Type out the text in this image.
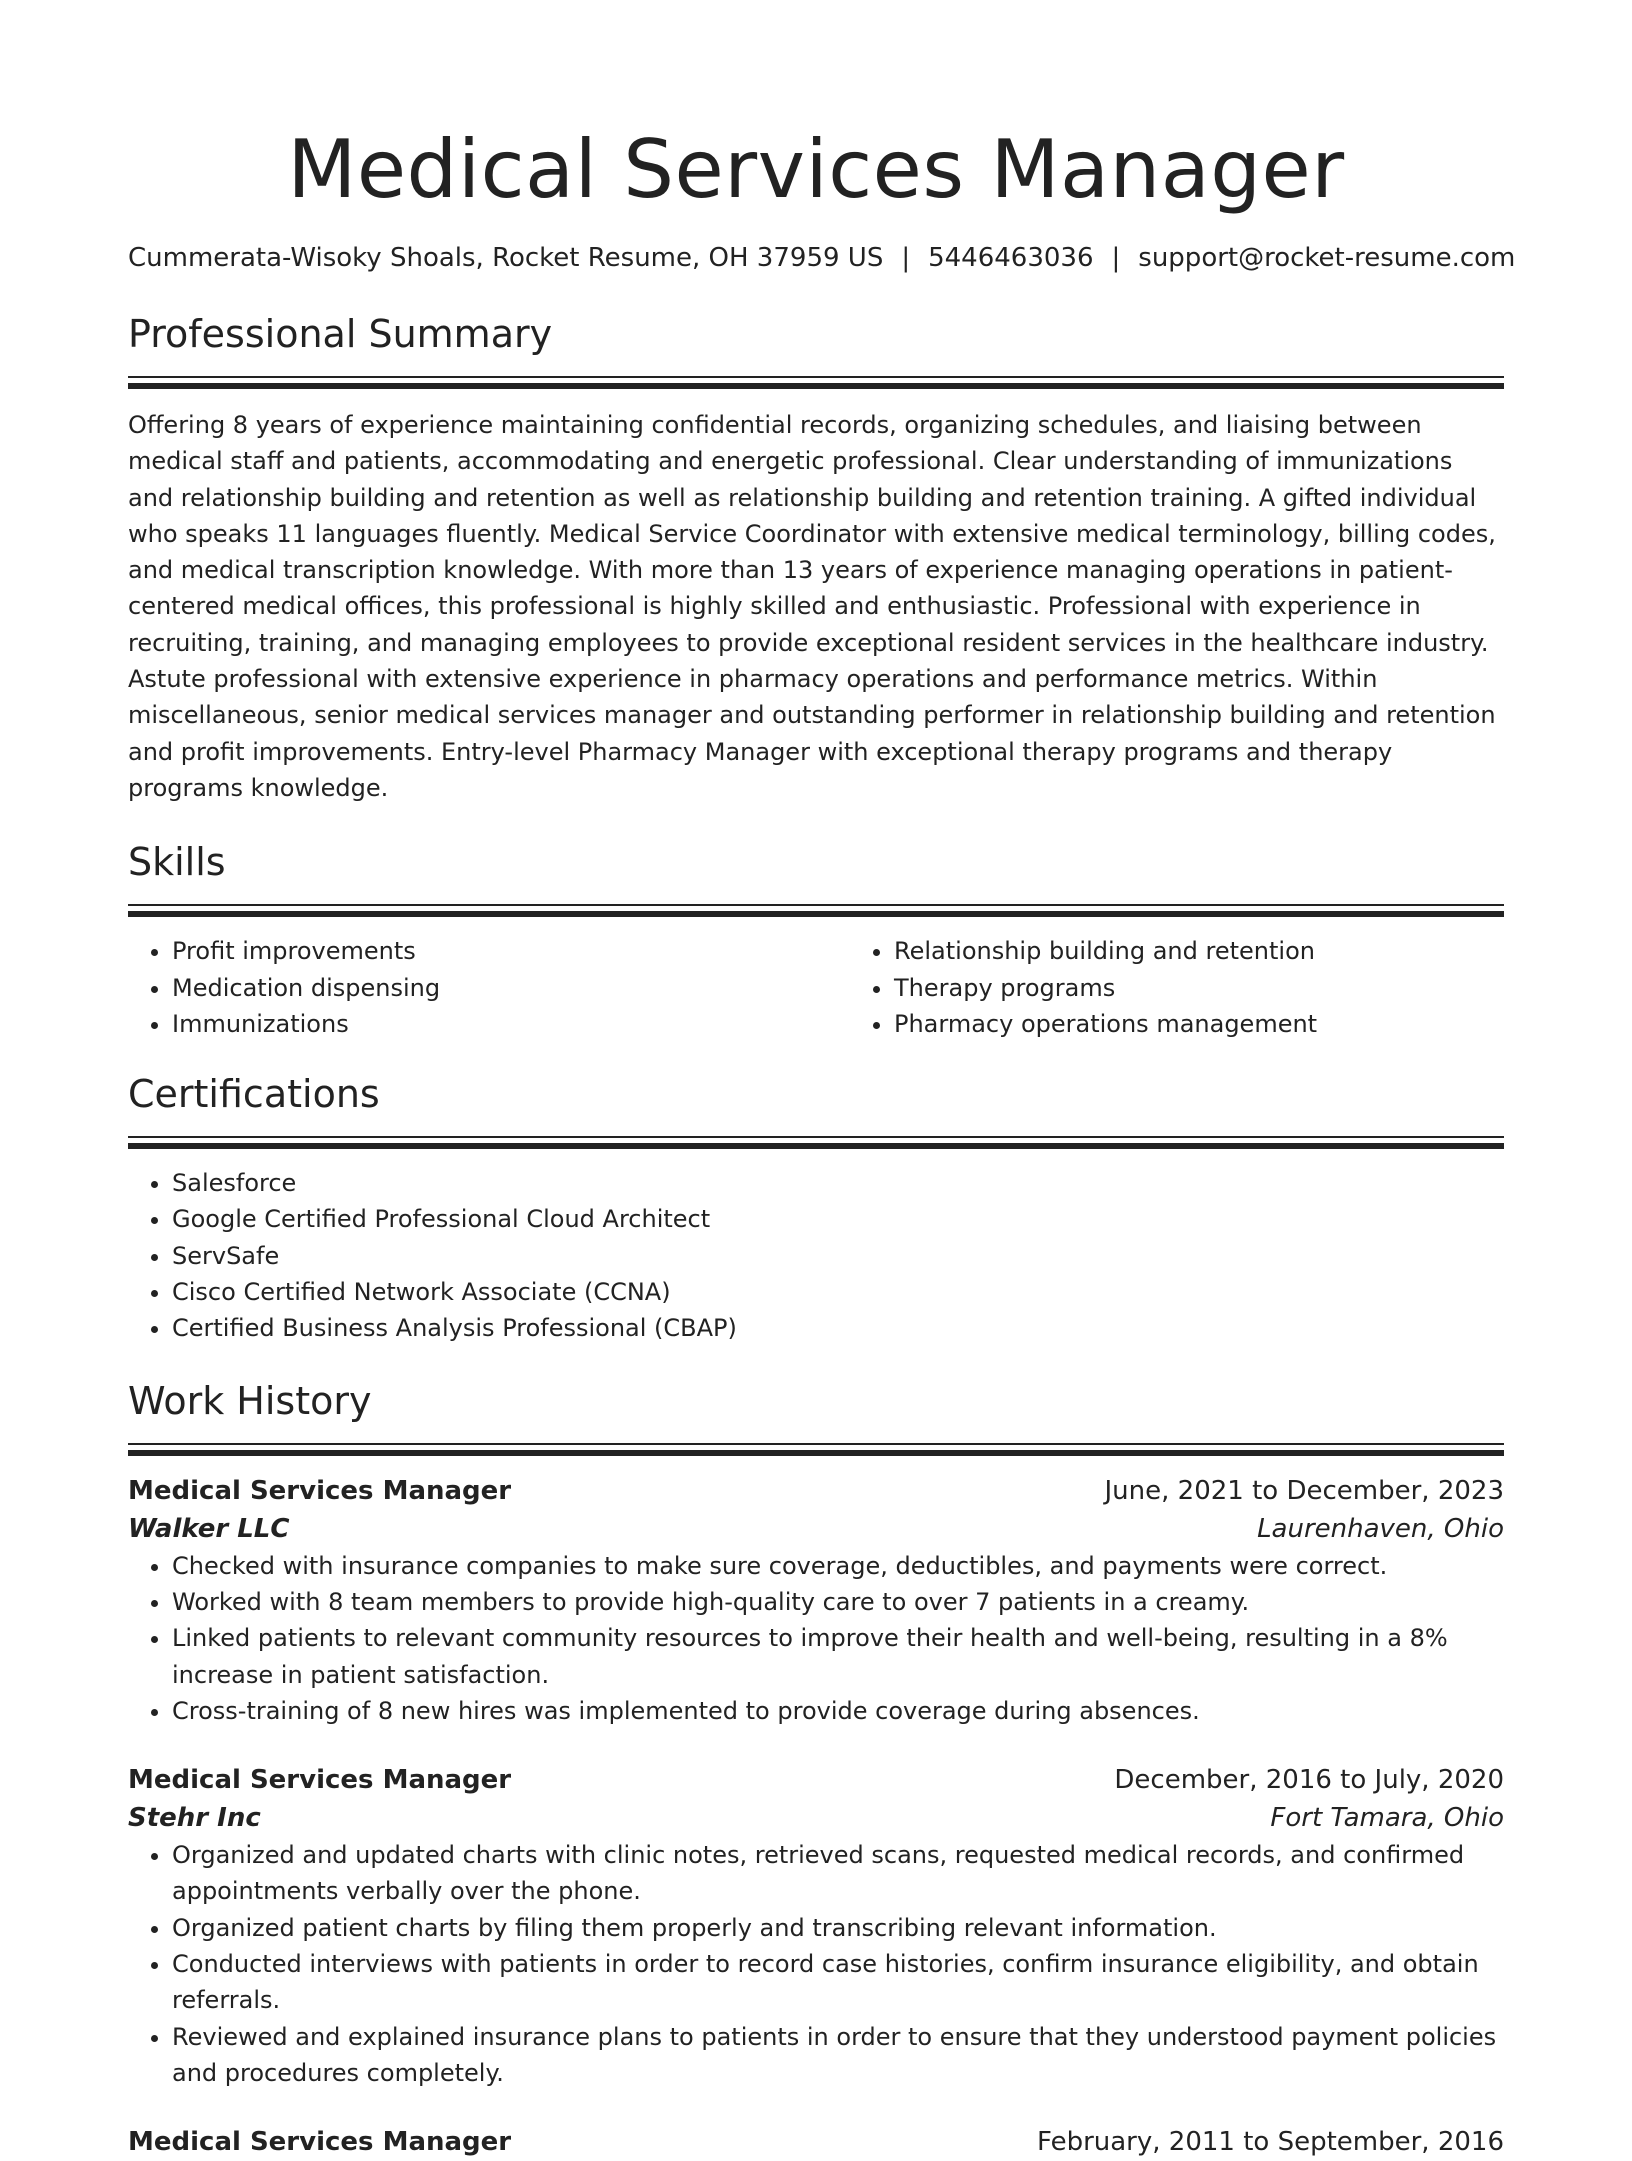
Medical Services Manager
Cummerata-Wisoky Shoals, Rocket Resume, OH 37959 US | 5446463036 | support@rocket-resume.com
Professional Summary

Offering 8 years of experience maintaining confidential records, organizing schedules, and liaising between medical staff and patients, accommodating and energetic professional. Clear understanding of immunizations and relationship building and retention as well as relationship building and retention training. A gifted individual who speaks 11 languages fluently. Medical Service Coordinator with extensive medical terminology, billing codes, and medical transcription knowledge. With more than 13 years of experience managing operations in patient-centered medical offices, this professional is highly skilled and enthusiastic. Professional with experience in recruiting, training, and managing employees to provide exceptional resident services in the healthcare industry. Astute professional with extensive experience in pharmacy operations and performance metrics. Within miscellaneous, senior medical services manager and outstanding performer in relationship building and retention and profit improvements. Entry-level Pharmacy Manager with exceptional therapy programs and therapy programs knowledge.

Skills
• Profit improvements
• Medication dispensing
• Immunizations
• Relationship building and retention
• Therapy programs
• Pharmacy operations management
Certifications
• Salesforce
• Google Certified Professional Cloud Architect
• ServSafe
• Cisco Certified Network Associate (CCNA)
• Certified Business Analysis Professional (CBAP)
Work History
Medical Services Manager	June, 2021 to December, 2023
Walker LLC	Laurenhaven, Ohio
• Checked with insurance companies to make sure coverage, deductibles, and payments were correct.
• Worked with 8 team members to provide high-quality care to over 7 patients in a creamy.
• Linked patients to relevant community resources to improve their health and well-being, resulting in a 8% increase in patient satisfaction.
• Cross-training of 8 new hires was implemented to provide coverage during absences.
Medical Services Manager	December, 2016 to July, 2020
Stehr Inc	Fort Tamara, Ohio
• Organized and updated charts with clinic notes, retrieved scans, requested medical records, and confirmed appointments verbally over the phone.
• Organized patient charts by filing them properly and transcribing relevant information.
• Conducted interviews with patients in order to record case histories, confirm insurance eligibility, and obtain referrals.
• Reviewed and explained insurance plans to patients in order to ensure that they understood payment policies and procedures completely.
Medical Services Manager	February, 2011 to September, 2016
